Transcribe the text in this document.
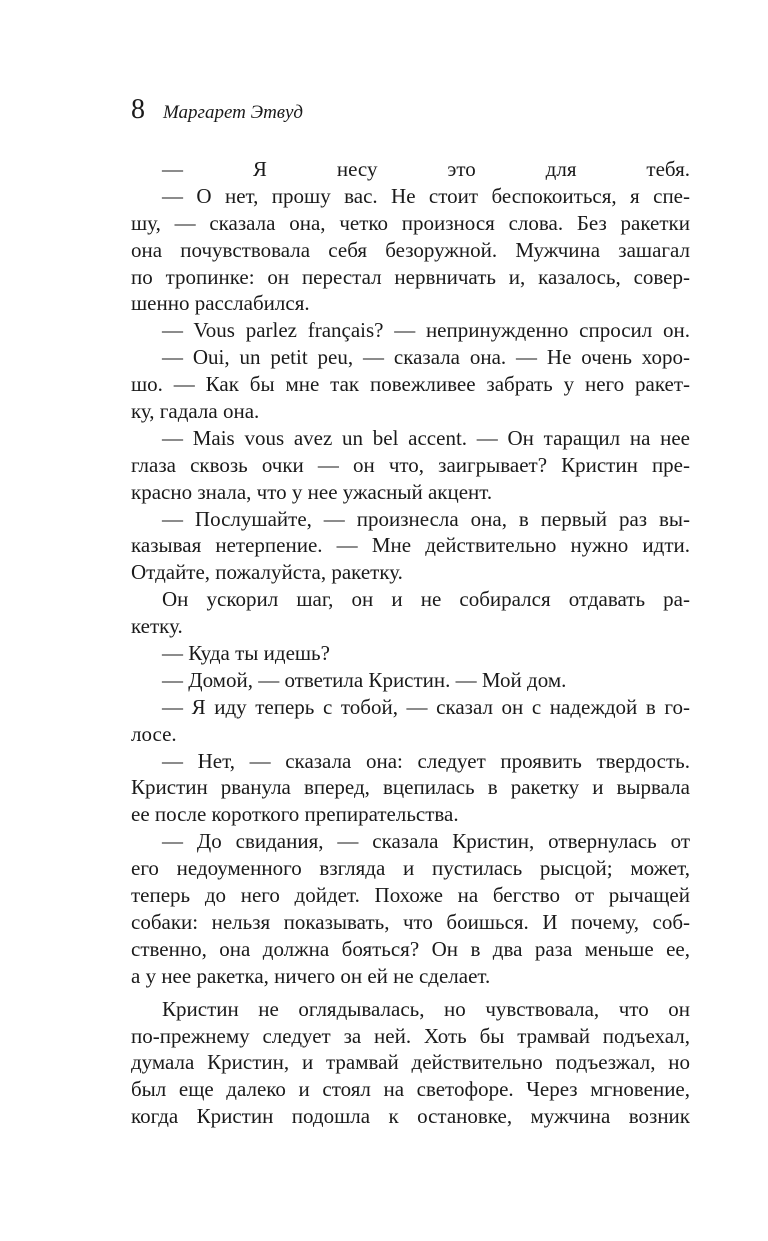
8 Маргарет Этвуд
— Я несу это для тебя.
— О нет, прошу вас. Не стоит беспокоиться, я спе-
шу, — сказала она, четко произнося слова. Без ракетки
она почувствовала себя безоружной. Мужчина зашагал
по тропинке: он перестал нервничать и, казалось, совер-
шенно расслабился.
— Vous parlez français? — непринужденно спросил он.
— Oui, un petit peu, — сказала она. — Не очень хоро-
шо. — Как бы мне так повежливее забрать у него ракет-
ку, гадала она.
— Mais vous avez un bel accent. — Он таращил на нее
глаза сквозь очки — он что, заигрывает? Кристин пре-
красно знала, что у нее ужасный акцент.
— Послушайте, — произнесла она, в первый раз вы-
казывая нетерпение. — Мне действительно нужно идти.
Отдайте, пожалуйста, ракетку.
Он ускорил шаг, он и не собирался отдавать ра-
кетку.
— Куда ты идешь?
— Домой, — ответила Кристин. — Мой дом.
— Я иду теперь с тобой, — сказал он с надеждой в го-
лосе.
— Нет, — сказала она: следует проявить твердость.
Кристин рванула вперед, вцепилась в ракетку и вырвала
ее после короткого препирательства.
— До свидания, — сказала Кристин, отвернулась от
его недоуменного взгляда и пустилась рысцой; может,
теперь до него дойдет. Похоже на бегство от рычащей
собаки: нельзя показывать, что боишься. И почему, соб-
ственно, она должна бояться? Он в два раза меньше ее,
а у нее ракетка, ничего он ей не сделает.
Кристин не оглядывалась, но чувствовала, что он
по-прежнему следует за ней. Хоть бы трамвай подъехал,
думала Кристин, и трамвай действительно подъезжал, но
был еще далеко и стоял на светофоре. Через мгновение,
когда Кристин подошла к остановке, мужчина возник
